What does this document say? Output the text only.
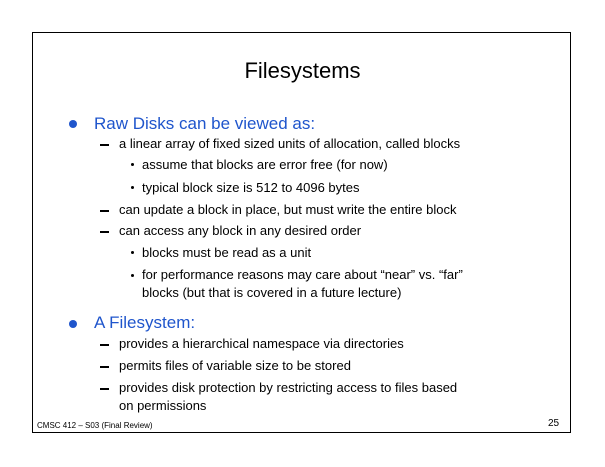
Filesystems
Raw Disks can be viewed as:
a linear array of fixed sized units of allocation, called blocks
assume that blocks are error free (for now)
typical block size is 512 to 4096 bytes
can update a block in place, but must write the entire block
can access any block in any desired order
blocks must be read as a unit
for performance reasons may care about “near” vs. “far”
blocks (but that is covered in a future lecture)
A Filesystem:
provides a hierarchical namespace via directories
permits files of variable size to be stored
provides disk protection by restricting access to files based
on permissions
CMSC 412 – S03 (Final Review)	25
